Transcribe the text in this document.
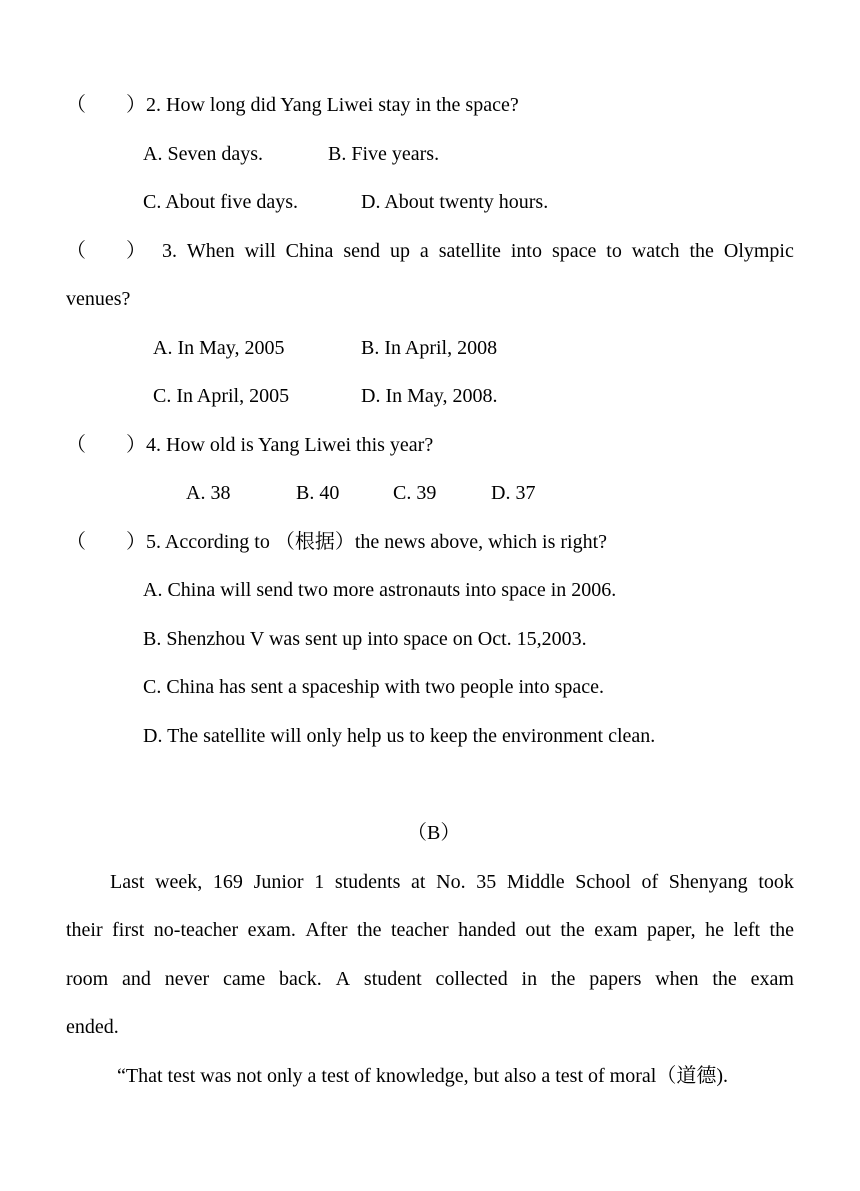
（　　）2. How long did Yang Liwei stay in the space?
A. Seven days.	B. Five years.
C. About five days.	D. About twenty hours.
（　　） 3. When will China send up a satellite into space to watch the Olympic
venues?
A. In May, 2005	B. In April, 2008
C. In April, 2005	D. In May, 2008.
（　　）4. How old is Yang Liwei this year?
A. 38	B. 40	C. 39	D. 37
（　　）5. According to （根据）the news above, which is right?
A. China will send two more astronauts into space in 2006.
B. Shenzhou V was sent up into space on Oct. 15,2003.
C. China has sent a spaceship with two people into space.
D. The satellite will only help us to keep the environment clean.
（B）
Last week, 169 Junior 1 students at No. 35 Middle School of Shenyang took
their first no-teacher exam. After the teacher handed out the exam paper, he left the
room and never came back. A student collected in the papers when the exam
ended.
“That test was not only a test of knowledge, but also a test of moral（道德).
